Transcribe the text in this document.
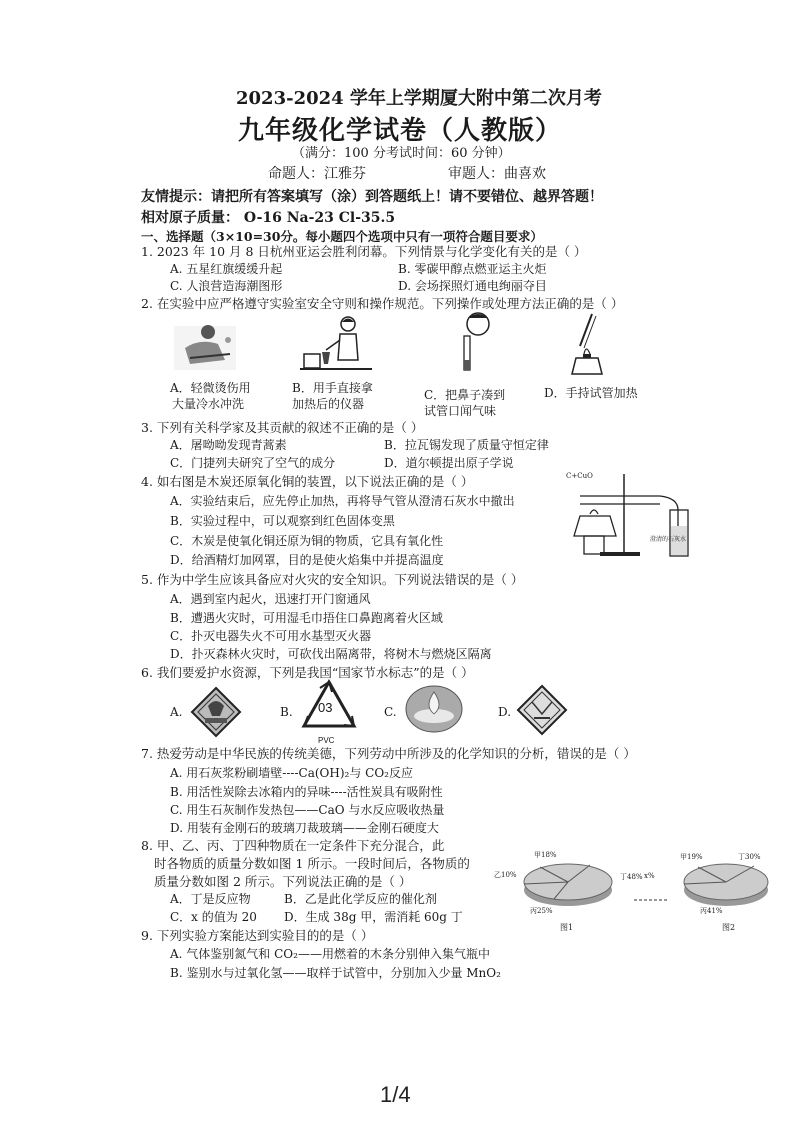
2023-2024 学年上学期厦大附中第二次月考
九年级化学试卷（人教版）
（满分：100 分考试时间：60 分钟）
命题人：江雅芬	审题人：曲喜欢
友情提示：请把所有答案填写（涂）到答题纸上！请不要错位、越界答题！
相对原子质量： O-16 Na-23 Cl-35.5
一、选择题（3×10=30分。每小题四个选项中只有一项符合题目要求）
1. 2023 年 10 月 8 日杭州亚运会胜利闭幕。下列情景与化学变化有关的是（ ）
A. 五星红旗缓缓升起	B. 零碳甲醇点燃亚运主火炬
C. 人浪营造海潮图形	D. 会场探照灯通电绚丽夺目
2. 在实验中应严格遵守实验室安全守则和操作规范。下列操作或处理方法正确的是（ ）
A．轻微烫伤用
大量冷水冲洗
B．用手直接拿
加热后的仪器
C．把鼻子凑到
试管口闻气味
D．手持试管加热
3. 下列有关科学家及其贡献的叙述不正确的是（ ）
A．屠呦呦发现青蒿素	B．拉瓦锡发现了质量守恒定律
C．门捷列夫研究了空气的成分	D．道尔顿提出原子学说
4. 如右图是木炭还原氧化铜的装置，以下说法正确的是（ ）
A．实验结束后，应先停止加热，再将导气管从澄清石灰水中撤出
B．实验过程中，可以观察到红色固体变黑
C．木炭是使氧化铜还原为铜的物质，它具有氧化性
D．给酒精灯加网罩，目的是使火焰集中并提高温度
C+CuO
澄清的石灰水
5. 作为中学生应该具备应对火灾的安全知识。下列说法错误的是（ ）
A．遇到室内起火，迅速打开门窗通风
B．遭遇火灾时，可用湿毛巾捂住口鼻跑离着火区域
C．扑灭电器失火不可用水基型灭火器
D．扑灭森林火灾时，可砍伐出隔离带，将树木与燃烧区隔离
6. 我们要爱护水资源，下列是我国“国家节水标志”的是（ ）
A.	B. 03
PVC
C.	D.
7. 热爱劳动是中华民族的传统美德，下列劳动中所涉及的化学知识的分析，错误的是（ ）
A. 用石灰浆粉刷墙壁----Ca(OH)₂与 CO₂反应
B. 用活性炭除去冰箱内的异味----活性炭具有吸附性
C. 用生石灰制作发热包——CaO 与水反应吸收热量
D. 用装有金刚石的玻璃刀裁玻璃——金刚石硬度大
8. 甲、乙、丙、丁四种物质在一定条件下充分混合，此
时各物质的质量分数如图 1 所示。一段时间后，各物质的
质量分数如图 2 所示。下列说法正确的是（ ）
A．丁是反应物	B．乙是此化学反应的催化剂
C．x 的值为 20 D．生成 38g 甲，需消耗 60g 丁
甲18%
乙10%	丁48%
丙25%
图1
甲19%	丁30%
丙41%
x%
图2
9. 下列实验方案能达到实验目的的是（ ）
A. 气体鉴别氮气和 CO₂——用燃着的木条分别伸入集气瓶中
B. 鉴别水与过氧化氢——取样于试管中，分别加入少量 MnO₂
1/4
